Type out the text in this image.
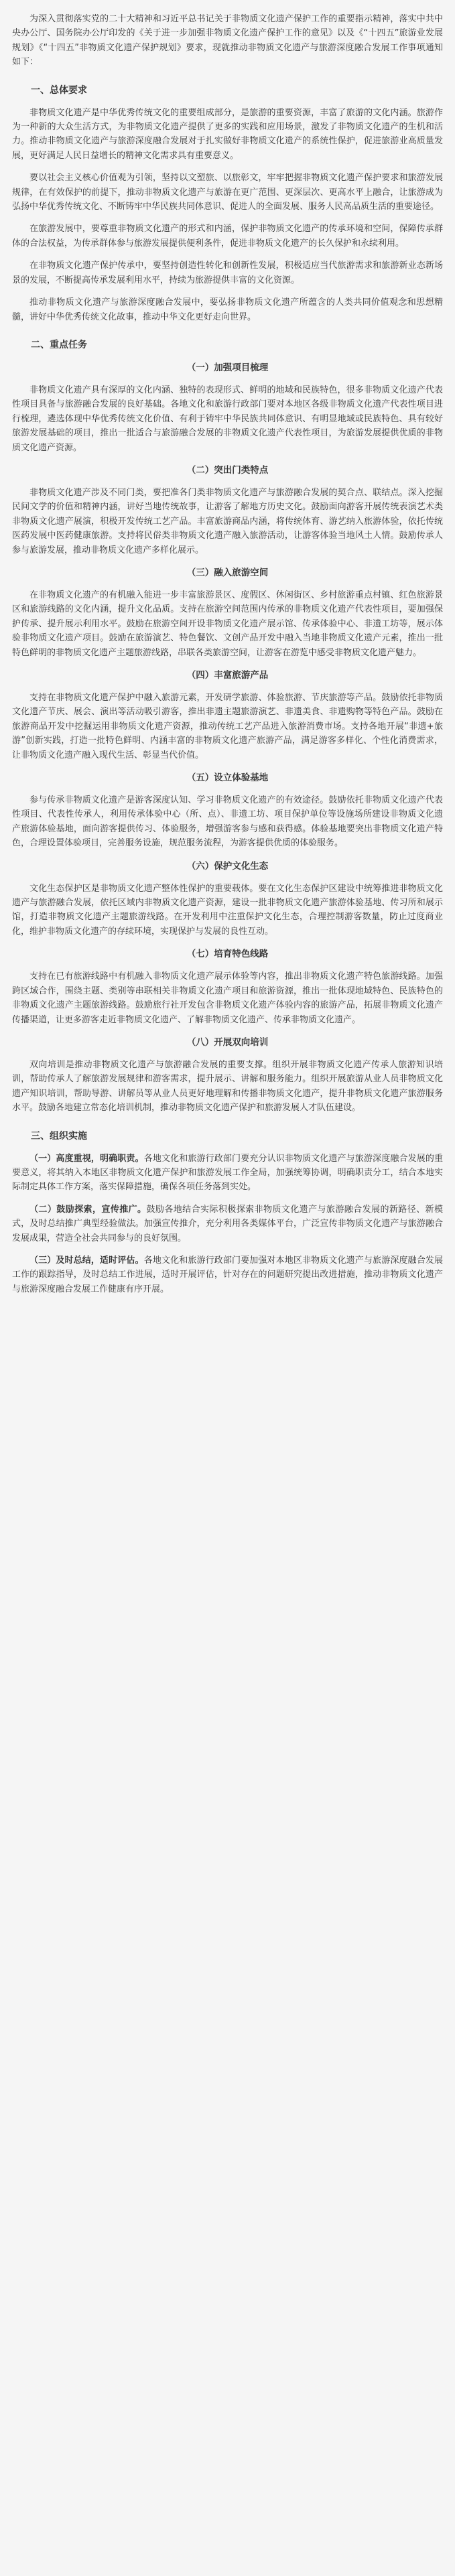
为深入贯彻落实党的二十大精神和习近平总书记关于非物质文化遗产保护工作的重要指示精神，落实中共中央办公厅、国务院办公厅印发的《关于进一步加强非物质文化遗产保护工作的意见》以及《“十四五”旅游业发展规划》《“十四五”非物质文化遗产保护规划》要求，现就推动非物质文化遗产与旅游深度融合发展工作事项通知如下：

一、总体要求

非物质文化遗产是中华优秀传统文化的重要组成部分，是旅游的重要资源，丰富了旅游的文化内涵。旅游作为一种新的大众生活方式，为非物质文化遗产提供了更多的实践和应用场景，激发了非物质文化遗产的生机和活力。推动非物质文化遗产与旅游深度融合发展对于扎实做好非物质文化遗产的系统性保护，促进旅游业高质量发展，更好满足人民日益增长的精神文化需求具有重要意义。

要以社会主义核心价值观为引领，坚持以文塑旅、以旅彰文，牢牢把握非物质文化遗产保护要求和旅游发展规律，在有效保护的前提下，推动非物质文化遗产与旅游在更广范围、更深层次、更高水平上融合，让旅游成为弘扬中华优秀传统文化、不断铸牢中华民族共同体意识、促进人的全面发展、服务人民高品质生活的重要途径。

在旅游发展中，要尊重非物质文化遗产的形式和内涵，保护非物质文化遗产的传承环境和空间，保障传承群体的合法权益，为传承群体参与旅游发展提供便利条件，促进非物质文化遗产的长久保护和永续利用。

在非物质文化遗产保护传承中，要坚持创造性转化和创新性发展，积极适应当代旅游需求和旅游新业态新场景的发展，不断提高传承发展利用水平，持续为旅游提供丰富的文化资源。

推动非物质文化遗产与旅游深度融合发展中，要弘扬非物质文化遗产所蕴含的人类共同价值观念和思想精髓，讲好中华优秀传统文化故事，推动中华文化更好走向世界。

二、重点任务
（一）加强项目梳理

非物质文化遗产具有深厚的文化内涵、独特的表现形式、鲜明的地域和民族特色，很多非物质文化遗产代表性项目具备与旅游融合发展的良好基础。各地文化和旅游行政部门要对本地区各级非物质文化遗产代表性项目进行梳理，遴选体现中华优秀传统文化价值、有利于铸牢中华民族共同体意识、有明显地域或民族特色、具有较好旅游发展基础的项目，推出一批适合与旅游融合发展的非物质文化遗产代表性项目，为旅游发展提供优质的非物质文化遗产资源。

（二）突出门类特点

非物质文化遗产涉及不同门类，要把准各门类非物质文化遗产与旅游融合发展的契合点、联结点。深入挖掘民间文学的价值和精神内涵，讲好当地传统故事，让游客了解地方历史文化。鼓励面向游客开展传统表演艺术类非物质文化遗产展演，积极开发传统工艺产品。丰富旅游商品内涵，将传统体育、游艺纳入旅游体验，依托传统医药发展中医药健康旅游。支持将民俗类非物质文化遗产融入旅游活动，让游客体验当地风土人情。鼓励传承人参与旅游发展，推动非物质文化遗产多样化展示。

（三）融入旅游空间

在非物质文化遗产的有机融入能进一步丰富旅游景区、度假区、休闲街区、乡村旅游重点村镇、红色旅游景区和旅游线路的文化内涵，提升文化品质。支持在旅游空间范围内传承的非物质文化遗产代表性项目，要加强保护传承、提升展示利用水平。鼓励在旅游空间开设非物质文化遗产展示馆、传承体验中心、非遗工坊等，展示体验非物质文化遗产项目。鼓励在旅游演艺、特色餐饮、文创产品开发中融入当地非物质文化遗产元素，推出一批特色鲜明的非物质文化遗产主题旅游线路，串联各类旅游空间，让游客在游览中感受非物质文化遗产魅力。

（四）丰富旅游产品

支持在非物质文化遗产保护中融入旅游元素，开发研学旅游、体验旅游、节庆旅游等产品。鼓励依托非物质文化遗产节庆、展会、演出等活动吸引游客，推出非遗主题旅游演艺、非遗美食、非遗购物等特色产品。鼓励在旅游商品开发中挖掘运用非物质文化遗产资源，推动传统工艺产品进入旅游消费市场。支持各地开展“非遗+旅游”创新实践，打造一批特色鲜明、内涵丰富的非物质文化遗产旅游产品，满足游客多样化、个性化消费需求，让非物质文化遗产融入现代生活、彰显当代价值。

（五）设立体验基地

参与传承非物质文化遗产是游客深度认知、学习非物质文化遗产的有效途径。鼓励依托非物质文化遗产代表性项目、代表性传承人，利用传承体验中心（所、点）、非遗工坊、项目保护单位等设施场所建设非物质文化遗产旅游体验基地，面向游客提供传习、体验服务，增强游客参与感和获得感。体验基地要突出非物质文化遗产特色，合理设置体验项目，完善服务设施，规范服务流程，为游客提供优质的体验服务。

（六）保护文化生态

文化生态保护区是非物质文化遗产整体性保护的重要载体。要在文化生态保护区建设中统筹推进非物质文化遗产与旅游融合发展，依托区域内非物质文化遗产资源，建设一批非物质文化遗产旅游体验基地、传习所和展示馆，打造非物质文化遗产主题旅游线路。在开发利用中注重保护文化生态，合理控制游客数量，防止过度商业化，维护非物质文化遗产的存续环境，实现保护与发展的良性互动。

（七）培育特色线路

支持在已有旅游线路中有机融入非物质文化遗产展示体验等内容，推出非物质文化遗产特色旅游线路。加强跨区域合作，围绕主题、类别等串联相关非物质文化遗产项目和旅游资源，推出一批体现地域特色、民族特色的非物质文化遗产主题旅游线路。鼓励旅行社开发包含非物质文化遗产体验内容的旅游产品，拓展非物质文化遗产传播渠道，让更多游客走近非物质文化遗产、了解非物质文化遗产、传承非物质文化遗产。

（八）开展双向培训

双向培训是推动非物质文化遗产与旅游融合发展的重要支撑。组织开展非物质文化遗产传承人旅游知识培训，帮助传承人了解旅游发展规律和游客需求，提升展示、讲解和服务能力。组织开展旅游从业人员非物质文化遗产知识培训，帮助导游、讲解员等从业人员更好地理解和传播非物质文化遗产，提升非物质文化遗产旅游服务水平。鼓励各地建立常态化培训机制，推动非物质文化遗产保护和旅游发展人才队伍建设。

三、组织实施

（一）高度重视，明确职责。各地文化和旅游行政部门要充分认识非物质文化遗产与旅游深度融合发展的重要意义，将其纳入本地区非物质文化遗产保护和旅游发展工作全局，加强统筹协调，明确职责分工，结合本地实际制定具体工作方案，落实保障措施，确保各项任务落到实处。

（二）鼓励探索，宣传推广。鼓励各地结合实际积极探索非物质文化遗产与旅游融合发展的新路径、新模式，及时总结推广典型经验做法。加强宣传推介，充分利用各类媒体平台，广泛宣传非物质文化遗产与旅游融合发展成果，营造全社会共同参与的良好氛围。

（三）及时总结，适时评估。各地文化和旅游行政部门要加强对本地区非物质文化遗产与旅游深度融合发展工作的跟踪指导，及时总结工作进展，适时开展评估，针对存在的问题研究提出改进措施，推动非物质文化遗产与旅游深度融合发展工作健康有序开展。
